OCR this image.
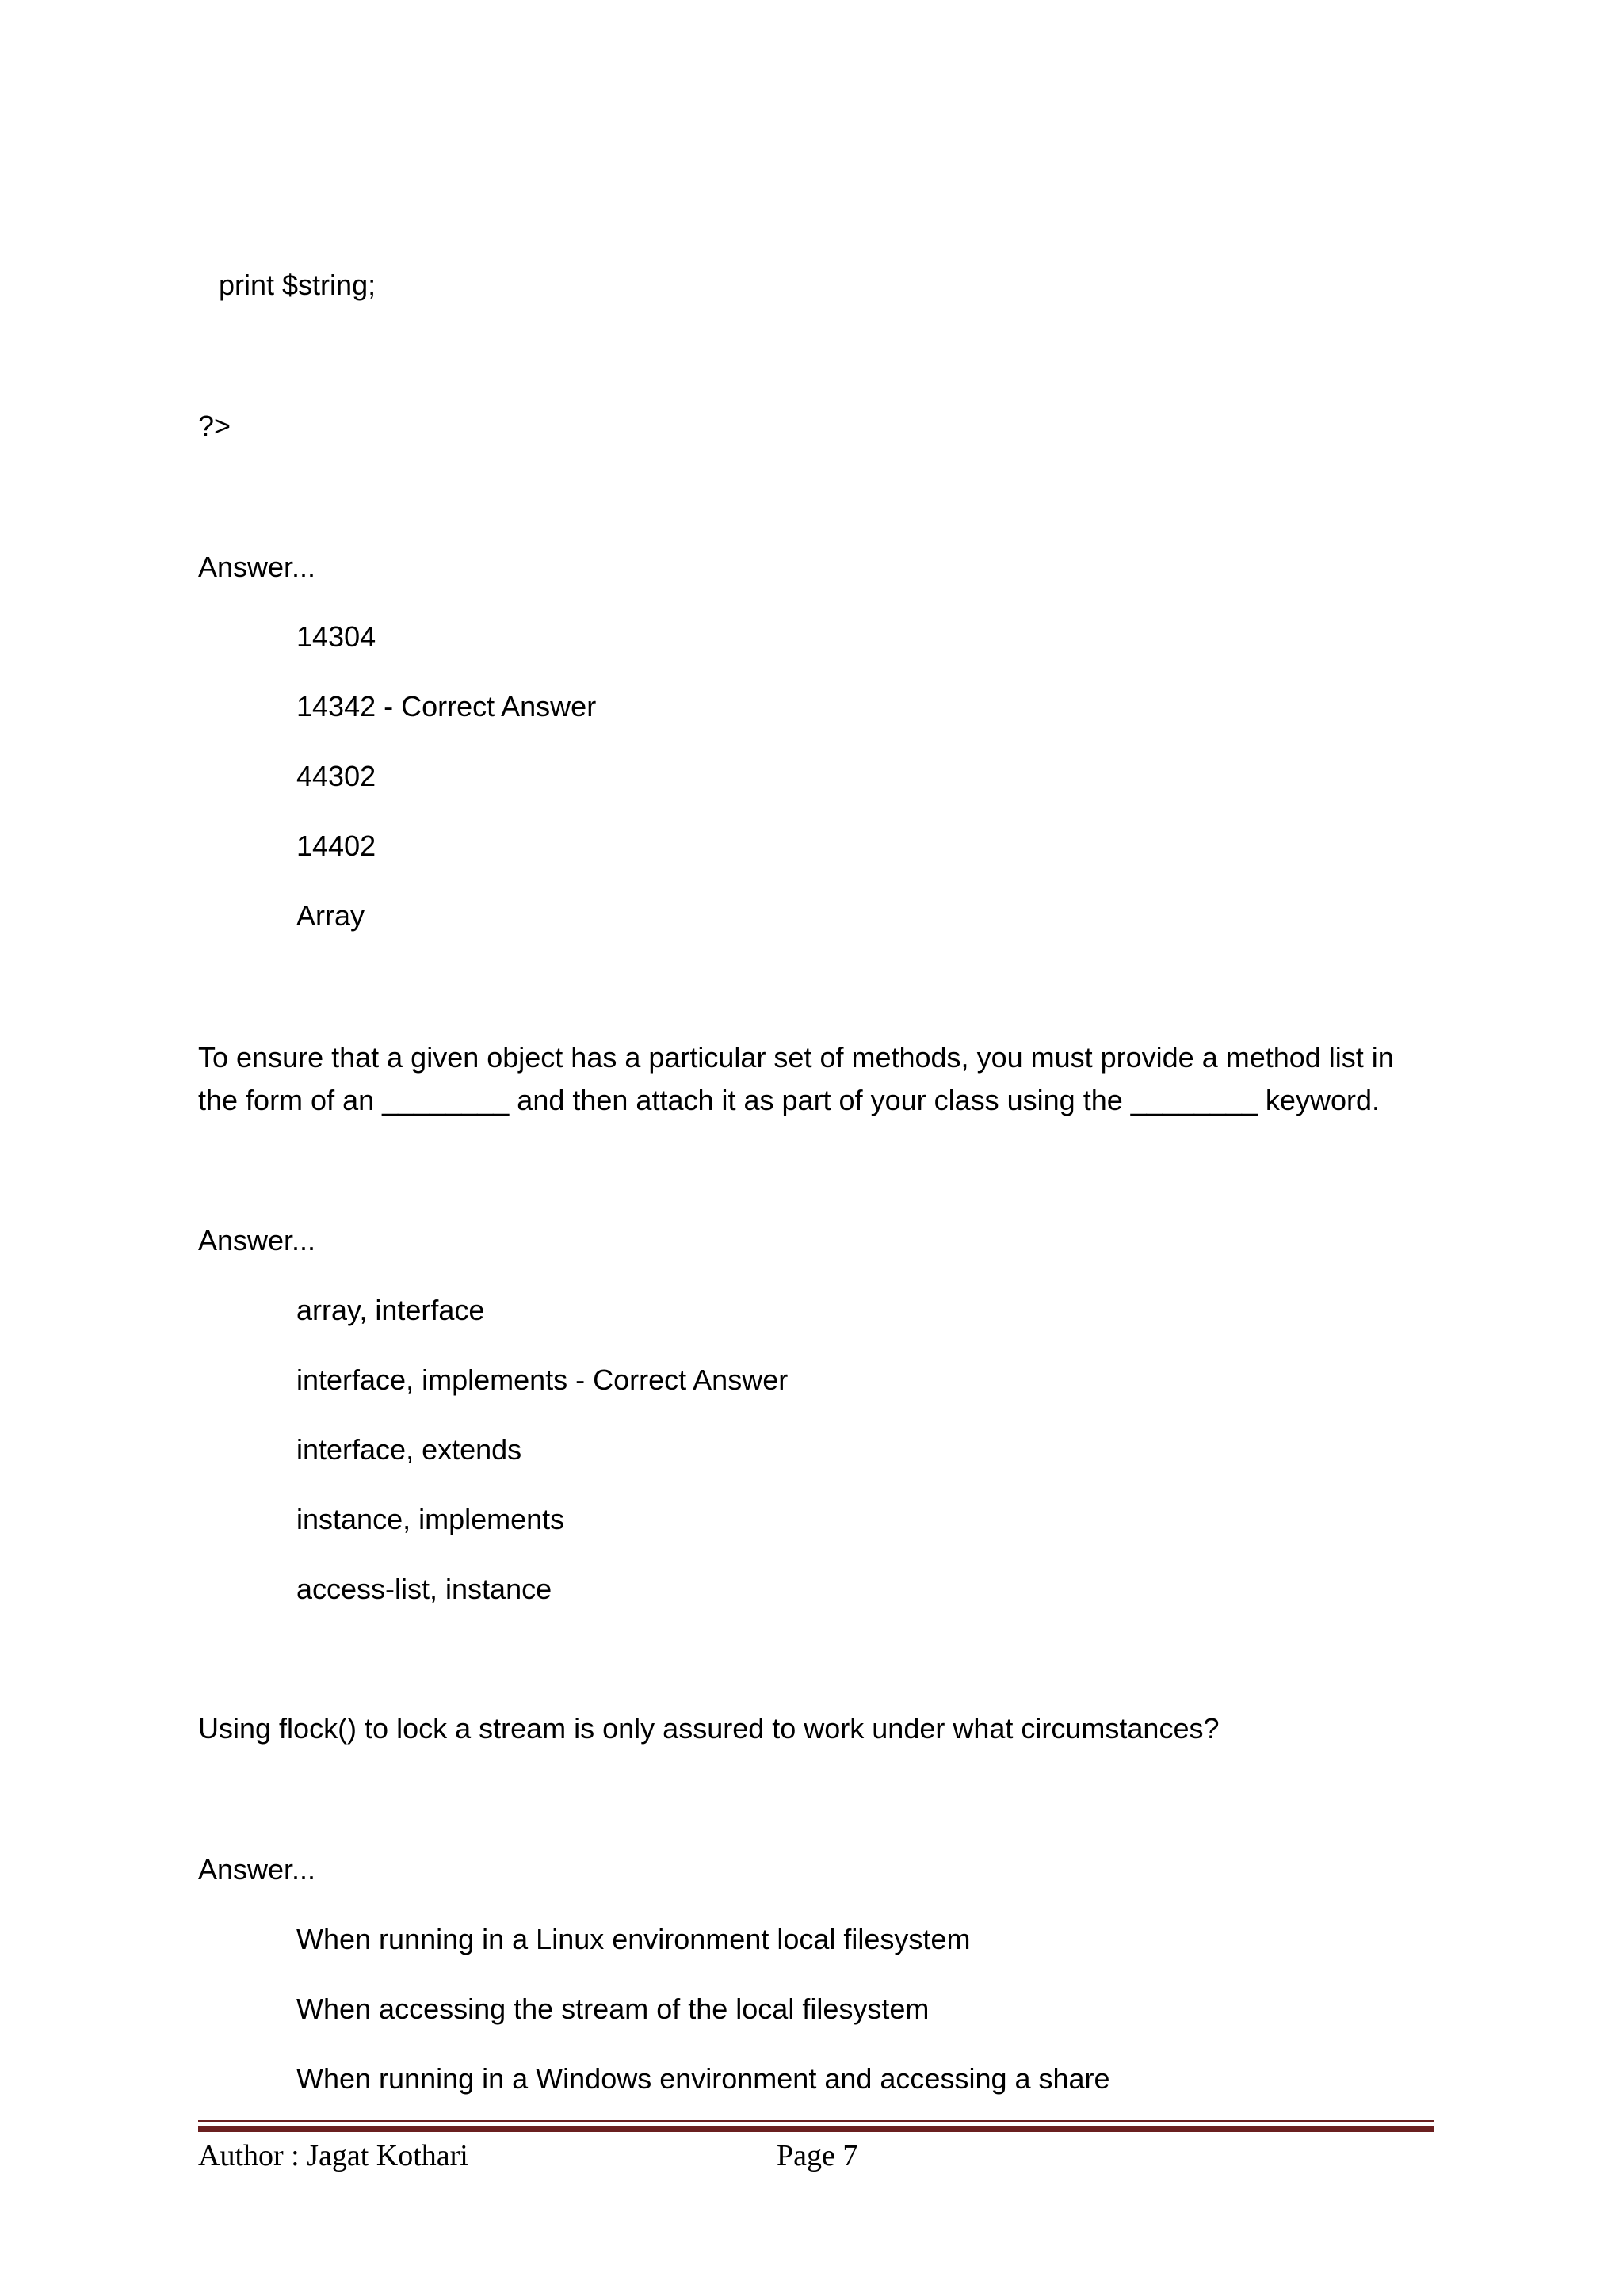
print $string;
?>
Answer...
14304
14342 - Correct Answer
44302
14402
Array
To ensure that a given object has a particular set of methods, you must provide a method list in the form of an ________ and then attach it as part of your class using the ________ keyword.
Answer...
array, interface
interface, implements - Correct Answer
interface, extends
instance, implements
access-list, instance
Using flock() to lock a stream is only assured to work under what circumstances?
Answer...
When running in a Linux environment local filesystem
When accessing the stream of the local filesystem
When running in a Windows environment and accessing a share
Author : Jagat Kothari	Page 7
